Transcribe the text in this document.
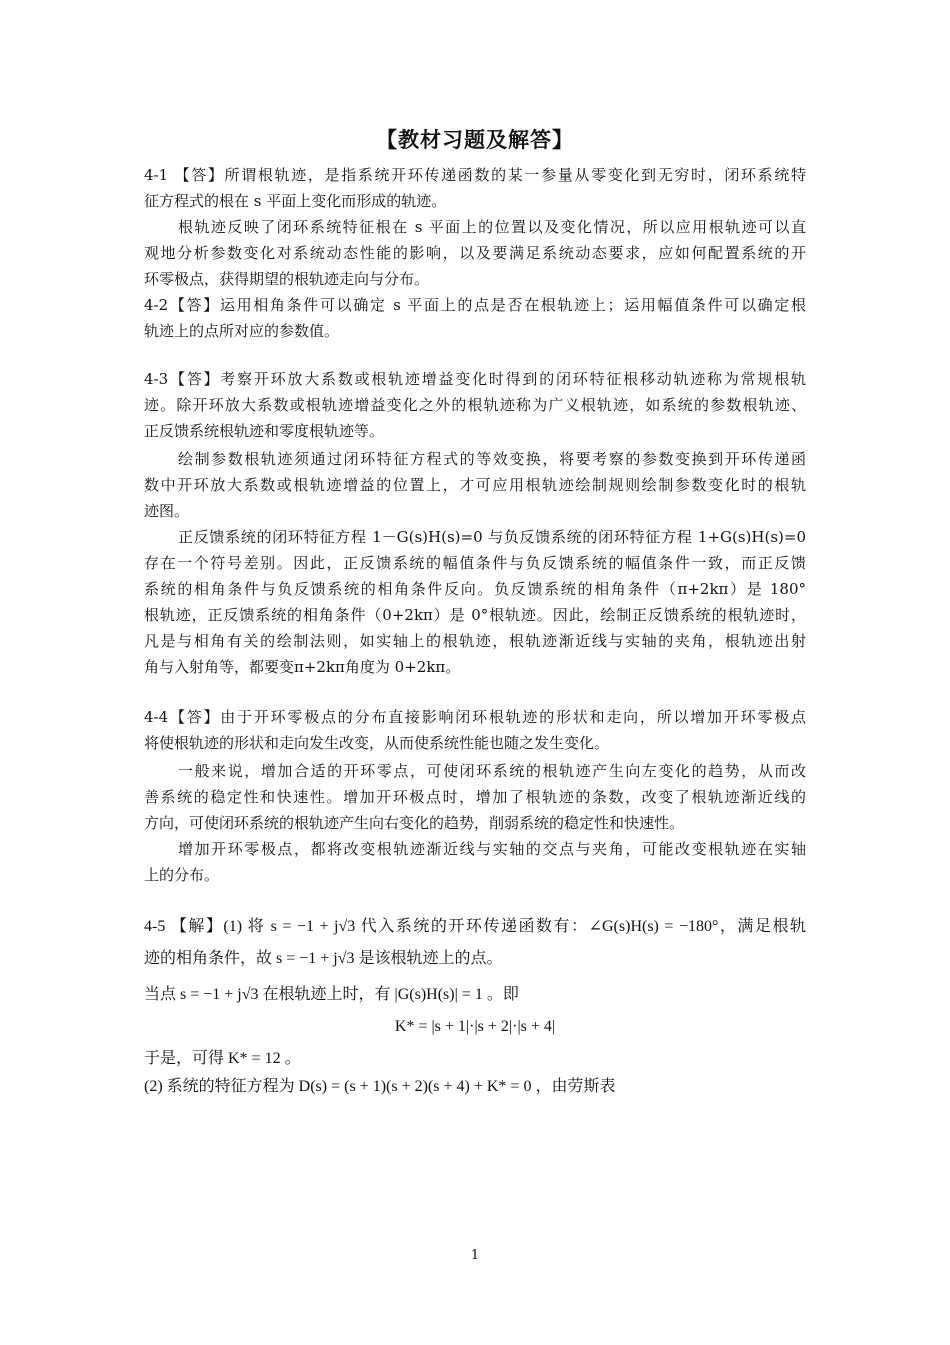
【教材习题及解答】
4-1 【答】所谓根轨迹，是指系统开环传递函数的某一参量从零变化到无穷时，闭环系统特
征方程式的根在 s 平面上变化而形成的轨迹。
根轨迹反映了闭环系统特征根在 s 平面上的位置以及变化情况，所以应用根轨迹可以直
观地分析参数变化对系统动态性能的影响，以及要满足系统动态要求，应如何配置系统的开
环零极点，获得期望的根轨迹走向与分布。
4-2【答】运用相角条件可以确定 s 平面上的点是否在根轨迹上；运用幅值条件可以确定根
轨迹上的点所对应的参数值。
4-3【答】考察开环放大系数或根轨迹增益变化时得到的闭环特征根移动轨迹称为常规根轨
迹。除开环放大系数或根轨迹增益变化之外的根轨迹称为广义根轨迹，如系统的参数根轨迹、
正反馈系统根轨迹和零度根轨迹等。
绘制参数根轨迹须通过闭环特征方程式的等效变换，将要考察的参数变换到开环传递函
数中开环放大系数或根轨迹增益的位置上，才可应用根轨迹绘制规则绘制参数变化时的根轨
迹图。
正反馈系统的闭环特征方程 1－G(s)H(s)=0 与负反馈系统的闭环特征方程 1+G(s)H(s)=0
存在一个符号差别。因此，正反馈系统的幅值条件与负反馈系统的幅值条件一致，而正反馈
系统的相角条件与负反馈系统的相角条件反向。负反馈系统的相角条件（π+2kπ）是 180°
根轨迹，正反馈系统的相角条件（0+2kπ）是 0°根轨迹。因此，绘制正反馈系统的根轨迹时，
凡是与相角有关的绘制法则，如实轴上的根轨迹，根轨迹渐近线与实轴的夹角，根轨迹出射
角与入射角等，都要变π+2kπ角度为 0+2kπ。
4-4【答】由于开环零极点的分布直接影响闭环根轨迹的形状和走向，所以增加开环零极点
将使根轨迹的形状和走向发生改变，从而使系统性能也随之发生变化。
一般来说，增加合适的开环零点，可使闭环系统的根轨迹产生向左变化的趋势，从而改
善系统的稳定性和快速性。增加开环极点时，增加了根轨迹的条数，改变了根轨迹渐近线的
方向，可使闭环系统的根轨迹产生向右变化的趋势，削弱系统的稳定性和快速性。
增加开环零极点，都将改变根轨迹渐近线与实轴的交点与夹角，可能改变根轨迹在实轴
上的分布。
4-5 【解】(1) 将 s = −1 + j√3 代入系统的开环传递函数有：∠G(s)H(s) = −180°，满足根轨
迹的相角条件，故 s = −1 + j√3 是该根轨迹上的点。
当点 s = −1 + j√3 在根轨迹上时，有 |G(s)H(s)| = 1 。即
K* = |s + 1|·|s + 2|·|s + 4|
于是，可得 K* = 12 。
(2) 系统的特征方程为 D(s) = (s + 1)(s + 2)(s + 4) + K* = 0 ，由劳斯表
1
